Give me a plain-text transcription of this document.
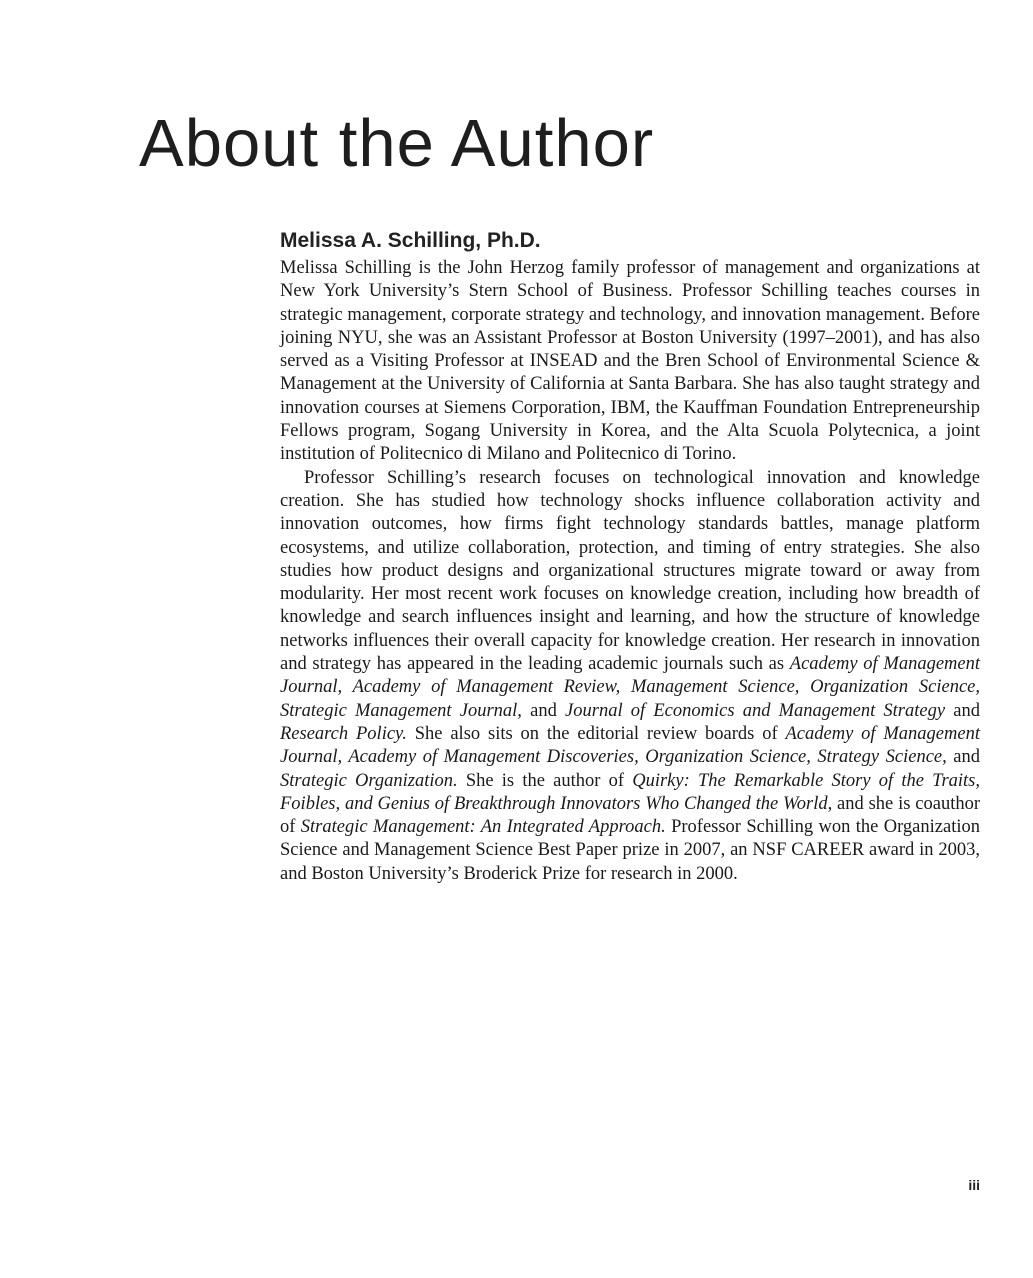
About the Author
Melissa A. Schilling, Ph.D.

Melissa Schilling is the John Herzog family professor of management and organizations at New York University’s Stern School of Business. Professor Schilling teaches courses in strategic management, corporate strategy and technology, and innovation management. Before joining NYU, she was an Assistant Professor at Boston University (1997–2001), and has also served as a Visiting Professor at INSEAD and the Bren School of Environmental Science & Management at the University of California at Santa Barbara. She has also taught strategy and innovation courses at Siemens Corporation, IBM, the Kauffman Foundation Entrepreneurship Fellows program, Sogang University in Korea, and the Alta Scuola Polytecnica, a joint institution of Politecnico di Milano and Politecnico di Torino.

Professor Schilling’s research focuses on technological innovation and knowledge creation. She has studied how technology shocks influence collaboration activity and innovation outcomes, how firms fight technology standards battles, manage platform ecosystems, and utilize collaboration, protection, and timing of entry strategies. She also studies how product designs and organizational structures migrate toward or away from modularity. Her most recent work focuses on knowledge creation, including how breadth of knowledge and search influences insight and learning, and how the structure of knowledge networks influences their overall capacity for knowledge creation. Her research in innovation and strategy has appeared in the leading academic journals such as Academy of Management Journal, Academy of Management Review, Management Science, Organization Science, Strategic Management Journal, and Journal of Economics and Management Strategy and Research Policy. She also sits on the editorial review boards of Academy of Management Journal, Academy of Management Discoveries, Organization Science, Strategy Science, and Strategic Organization. She is the author of Quirky: The Remarkable Story of the Traits, Foibles, and Genius of Breakthrough Innovators Who Changed the World, and she is coauthor of Strategic Management: An Integrated Approach. Professor Schilling won the Organization Science and Management Science Best Paper prize in 2007, an NSF CAREER award in 2003, and Boston University’s Broderick Prize for research in 2000.

iii
